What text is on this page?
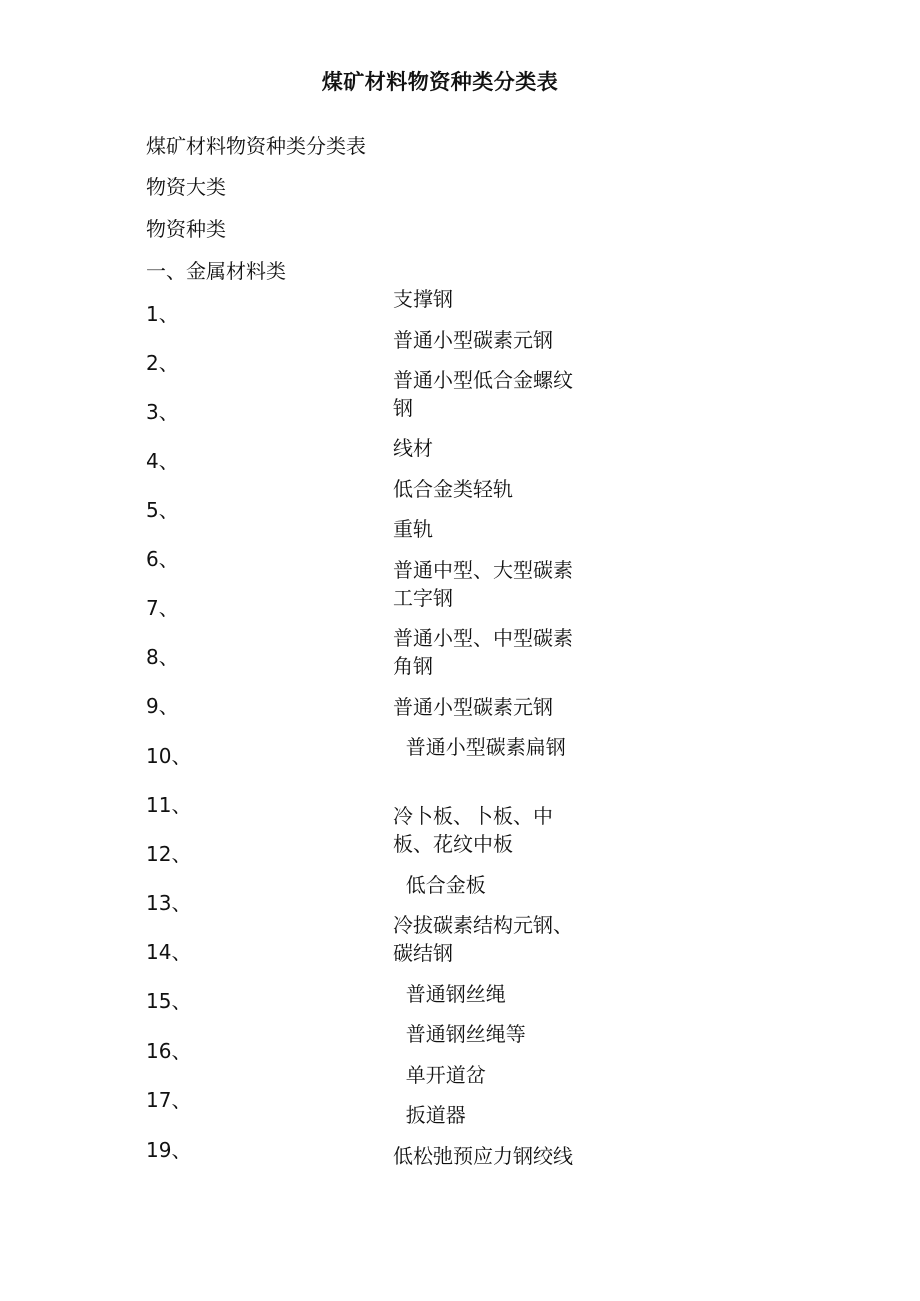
煤矿材料物资种类分类表
煤矿材料物资种类分类表
物资大类
物资种类
一、金属材料类
1、
2、
3、
4、
5、
6、
7、
8、
9、
10、
11、
12、
13、
14、
15、
16、
17、
19、
支撑钢
普通小型碳素元钢
普通小型低合金螺纹钢
线材
低合金类轻轨
重轨
普通中型、大型碳素工字钢
普通小型、中型碳素角钢
普通小型碳素元钢
普通小型碳素扁钢
冷卜板、卜板、中板、花纹中板
低合金板
冷拔碳素结构元钢、碳结钢
普通钢丝绳
普通钢丝绳等
单开道岔
扳道器
低松弛预应力钢绞线
